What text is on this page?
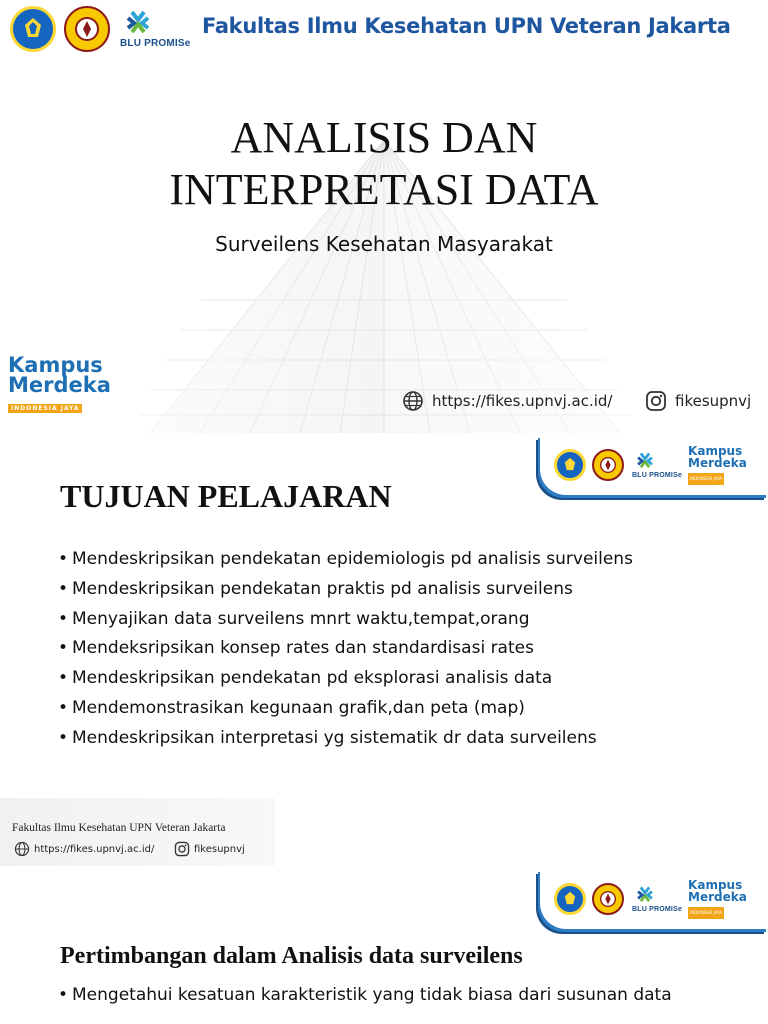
BLU PROMISe
Fakultas Ilmu Kesehatan UPN Veteran Jakarta
ANALISIS DAN
INTERPRETASI DATA
Surveilens Kesehatan Masyarakat
Kampus
Merdeka
INDONESIA JAYA	https://fikes.upnvj.ac.id/	fikesupnvj
BLU PROMISe
Kampus
Merdeka
INDONESIA JAYA
TUJUAN PELAJARAN
• Mendeskripsikan pendekatan epidemiologis pd analisis surveilens
• Mendeskripsikan pendekatan praktis pd analisis surveilens
• Menyajikan data surveilens mnrt waktu,tempat,orang
• Mendeksripsikan konsep rates dan standardisasi rates
• Mendeskripsikan pendekatan pd eksplorasi analisis data
• Mendemonstrasikan kegunaan grafik,dan peta (map)
• Mendeskripsikan interpretasi yg sistematik dr data surveilens
Fakultas Ilmu Kesehatan UPN Veteran Jakarta
https://fikes.upnvj.ac.id/	fikesupnvj
BLU PROMISe
Kampus
Merdeka
INDONESIA JAYA
Pertimbangan dalam Analisis data surveilens
• Mengetahui kesatuan karakteristik yang tidak biasa dari susunan data
